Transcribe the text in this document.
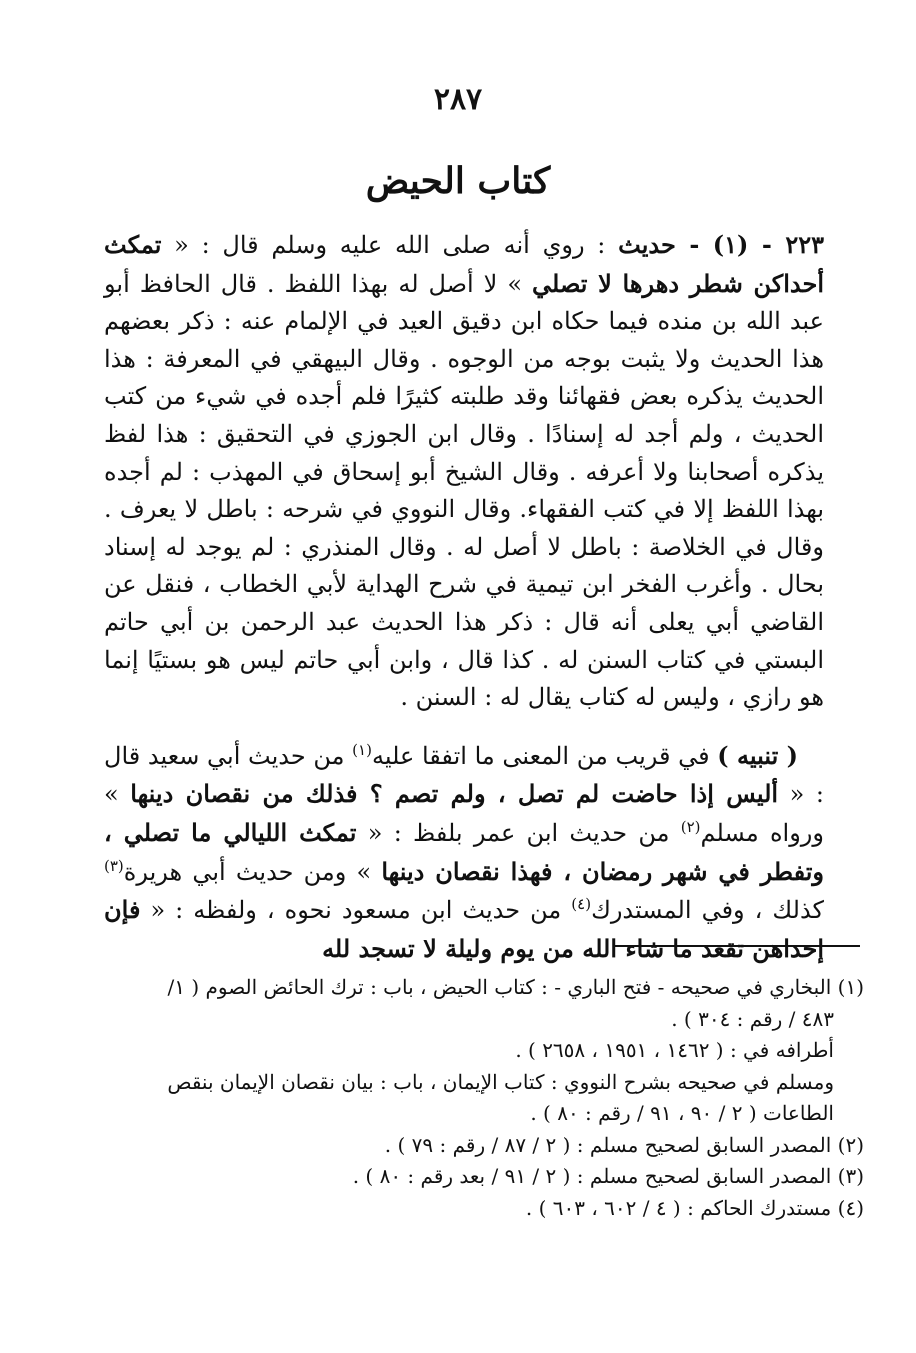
٢٨٧
كتاب الحيض

٢٢٣ - (١) - حديث : روي أنه صلى الله عليه وسلم قال : « تمكث أحداكن شطر دهرها لا تصلي » لا أصل له بهذا اللفظ . قال الحافظ أبو عبد الله بن منده فيما حكاه ابن دقيق العيد في الإلمام عنه : ذكر بعضهم هذا الحديث ولا يثبت بوجه من الوجوه . وقال البيهقي في المعرفة : هذا الحديث يذكره بعض فقهائنا وقد طلبته كثيرًا فلم أجده في شيء من كتب الحديث ، ولم أجد له إسنادًا . وقال ابن الجوزي في التحقيق : هذا لفظ يذكره أصحابنا ولا أعرفه . وقال الشيخ أبو إسحاق في المهذب : لم أجده بهذا اللفظ إلا في كتب الفقهاء. وقال النووي في شرحه : باطل لا يعرف . وقال في الخلاصة : باطل لا أصل له . وقال المنذري : لم يوجد له إسناد بحال . وأغرب الفخر ابن تيمية في شرح الهداية لأبي الخطاب ، فنقل عن القاضي أبي يعلى أنه قال : ذكر هذا الحديث عبد الرحمن بن أبي حاتم البستي في كتاب السنن له . كذا قال ، وابن أبي حاتم ليس هو بستيًا إنما هو رازي ، وليس له كتاب يقال له : السنن .

( تنبيه ) في قريب من المعنى ما اتفقا عليه$^{(١)}$ من حديث أبي سعيد قال : « أليس إذا حاضت لم تصل ، ولم تصم ؟ فذلك من نقصان دينها » ورواه مسلم$^{(٢)}$ من حديث ابن عمر بلفظ : « تمكث الليالي ما تصلي ، وتفطر في شهر رمضان ، فهذا نقصان دينها » ومن حديث أبي هريرة$^{(٣)}$ كذلك ، وفي المستدرك$^{(٤)}$ من حديث ابن مسعود نحوه ، ولفظه : « فإن إحداهن تقعد ما شاء الله من يوم وليلة لا تسجد لله

(١) البخاري في صحيحه - فتح الباري - : كتاب الحيض ، باب : ترك الحائض الصوم ( ١/

٤٨٣ / رقم : ٣٠٤ ) .

أطرافه في : ( ١٤٦٢ ، ١٩٥١ ، ٢٦٥٨ ) .

ومسلم في صحيحه بشرح النووي : كتاب الإيمان ، باب : بيان نقصان الإيمان بنقص

الطاعات ( ٢ / ٩٠ ، ٩١ / رقم : ٨٠ ) .

(٢) المصدر السابق لصحيح مسلم : ( ٢ / ٨٧ / رقم : ٧٩ ) .

(٣) المصدر السابق لصحيح مسلم : ( ٢ / ٩١ / بعد رقم : ٨٠ ) .

(٤) مستدرك الحاكم : ( ٤ / ٦٠٢ ، ٦٠٣ ) .
